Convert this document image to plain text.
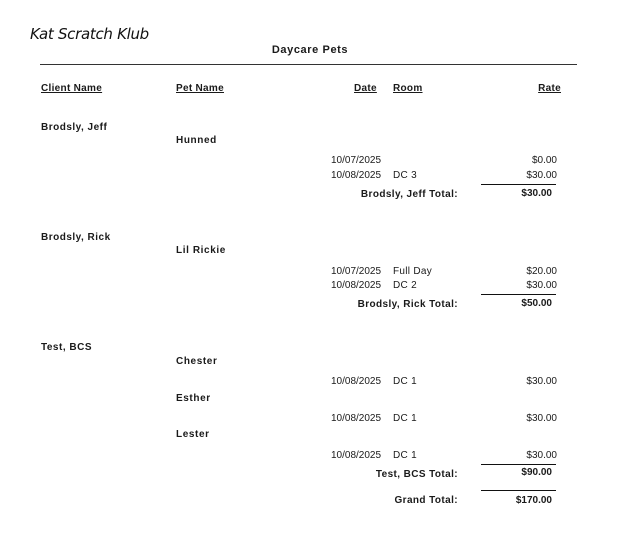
Kat Scratch Klub
Daycare Pets
Client Name	Pet Name	Date Room	Rate
Brodsly, Jeff
Hunned
10/07/2025	$0.00
10/08/2025 DC 3	$30.00
Brodsly, Jeff Total:	$30.00
Brodsly, Rick
Lil Rickie
10/07/2025 Full Day	$20.00
10/08/2025 DC 2	$30.00
Brodsly, Rick Total:	$50.00
Test, BCS
Chester
10/08/2025 DC 1	$30.00
Esther
10/08/2025 DC 1	$30.00
Lester
10/08/2025 DC 1	$30.00
Test, BCS Total:	$90.00
Grand Total:	$170.00
